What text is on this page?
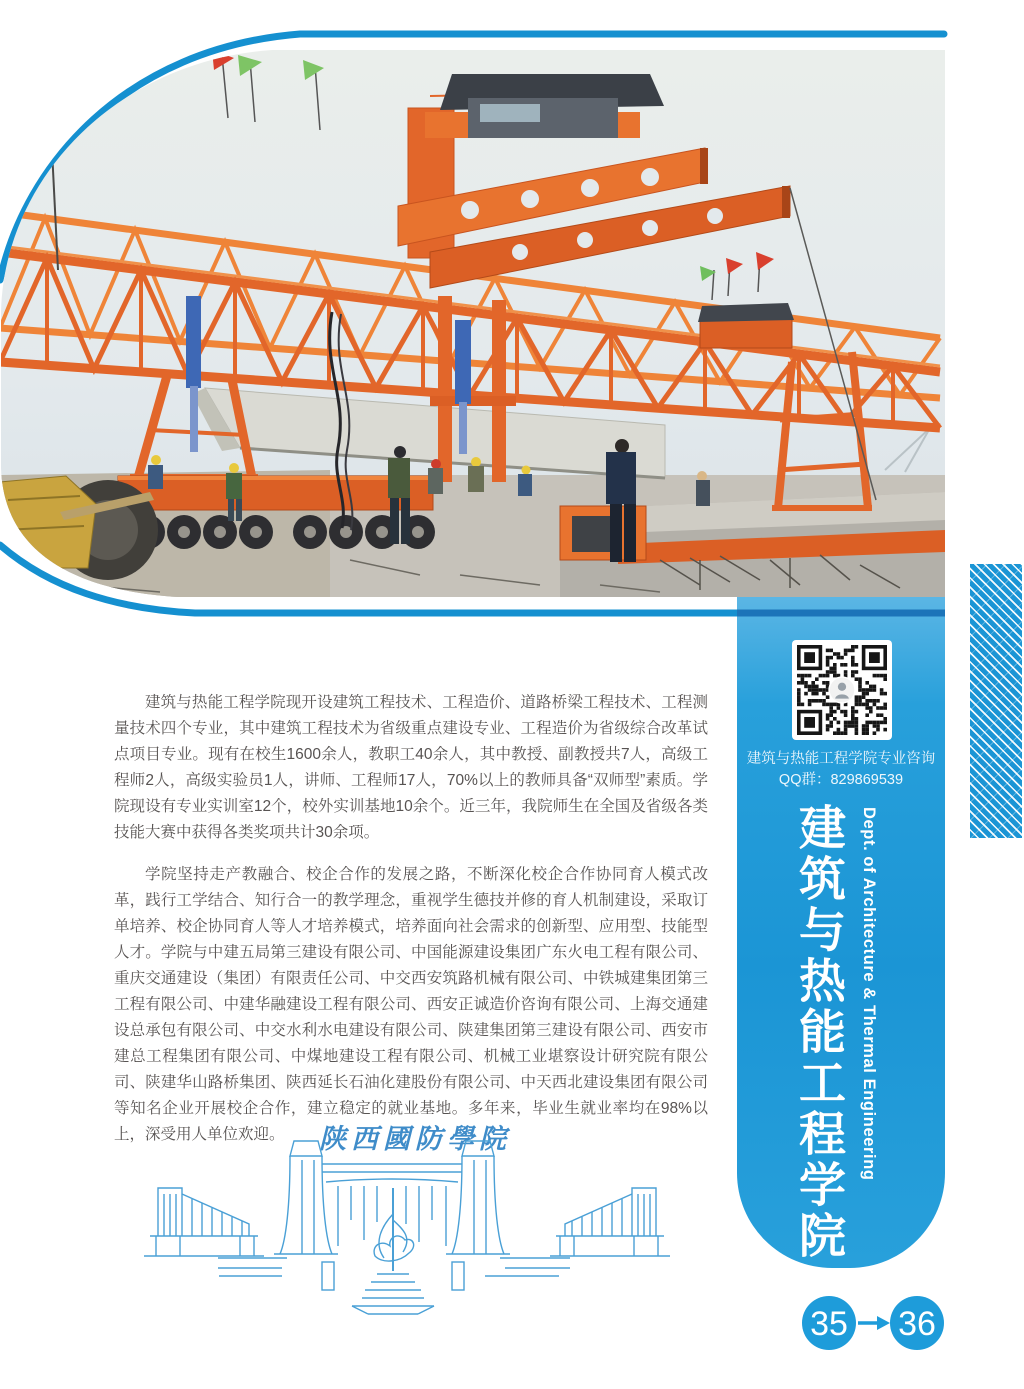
建筑与热能工程学院专业咨询
QQ群：829869539
建筑与热能工程学院 Dept. of Architecture & Thermal Engineering

建筑与热能工程学院现开设建筑工程技术、工程造价、道路桥梁工程技术、工程测量技术四个专业，其中建筑工程技术为省级重点建设专业、工程造价为省级综合改革试点项目专业。现有在校生1600余人，教职工40余人，其中教授、副教授共7人，高级工程师2人，高级实验员1人，讲师、工程师17人，70%以上的教师具备“双师型”素质。学院现设有专业实训室12个，校外实训基地10余个。近三年，我院师生在全国及省级各类技能大赛中获得各类奖项共计30余项。

学院坚持走产教融合、校企合作的发展之路，不断深化校企合作协同育人模式改革，践行工学结合、知行合一的教学理念，重视学生德技并修的育人机制建设，采取订单培养、校企协同育人等人才培养模式，培养面向社会需求的创新型、应用型、技能型人才。学院与中建五局第三建设有限公司、中国能源建设集团广东火电工程有限公司、重庆交通建设（集团）有限责任公司、中交西安筑路机械有限公司、中铁城建集团第三工程有限公司、中建华融建设工程有限公司、西安正诚造价咨询有限公司、上海交通建设总承包有限公司、中交水利水电建设有限公司、陕建集团第三建设有限公司、西安市建总工程集团有限公司、中煤地建设工程有限公司、机械工业堪察设计研究院有限公司、陕建华山路桥集团、陕西延长石油化建股份有限公司、中天西北建设集团有限公司等知名企业开展校企合作，建立稳定的就业基地。多年来，毕业生就业率均在98%以上，深受用人单位欢迎。	陕西國防學院
35 36
